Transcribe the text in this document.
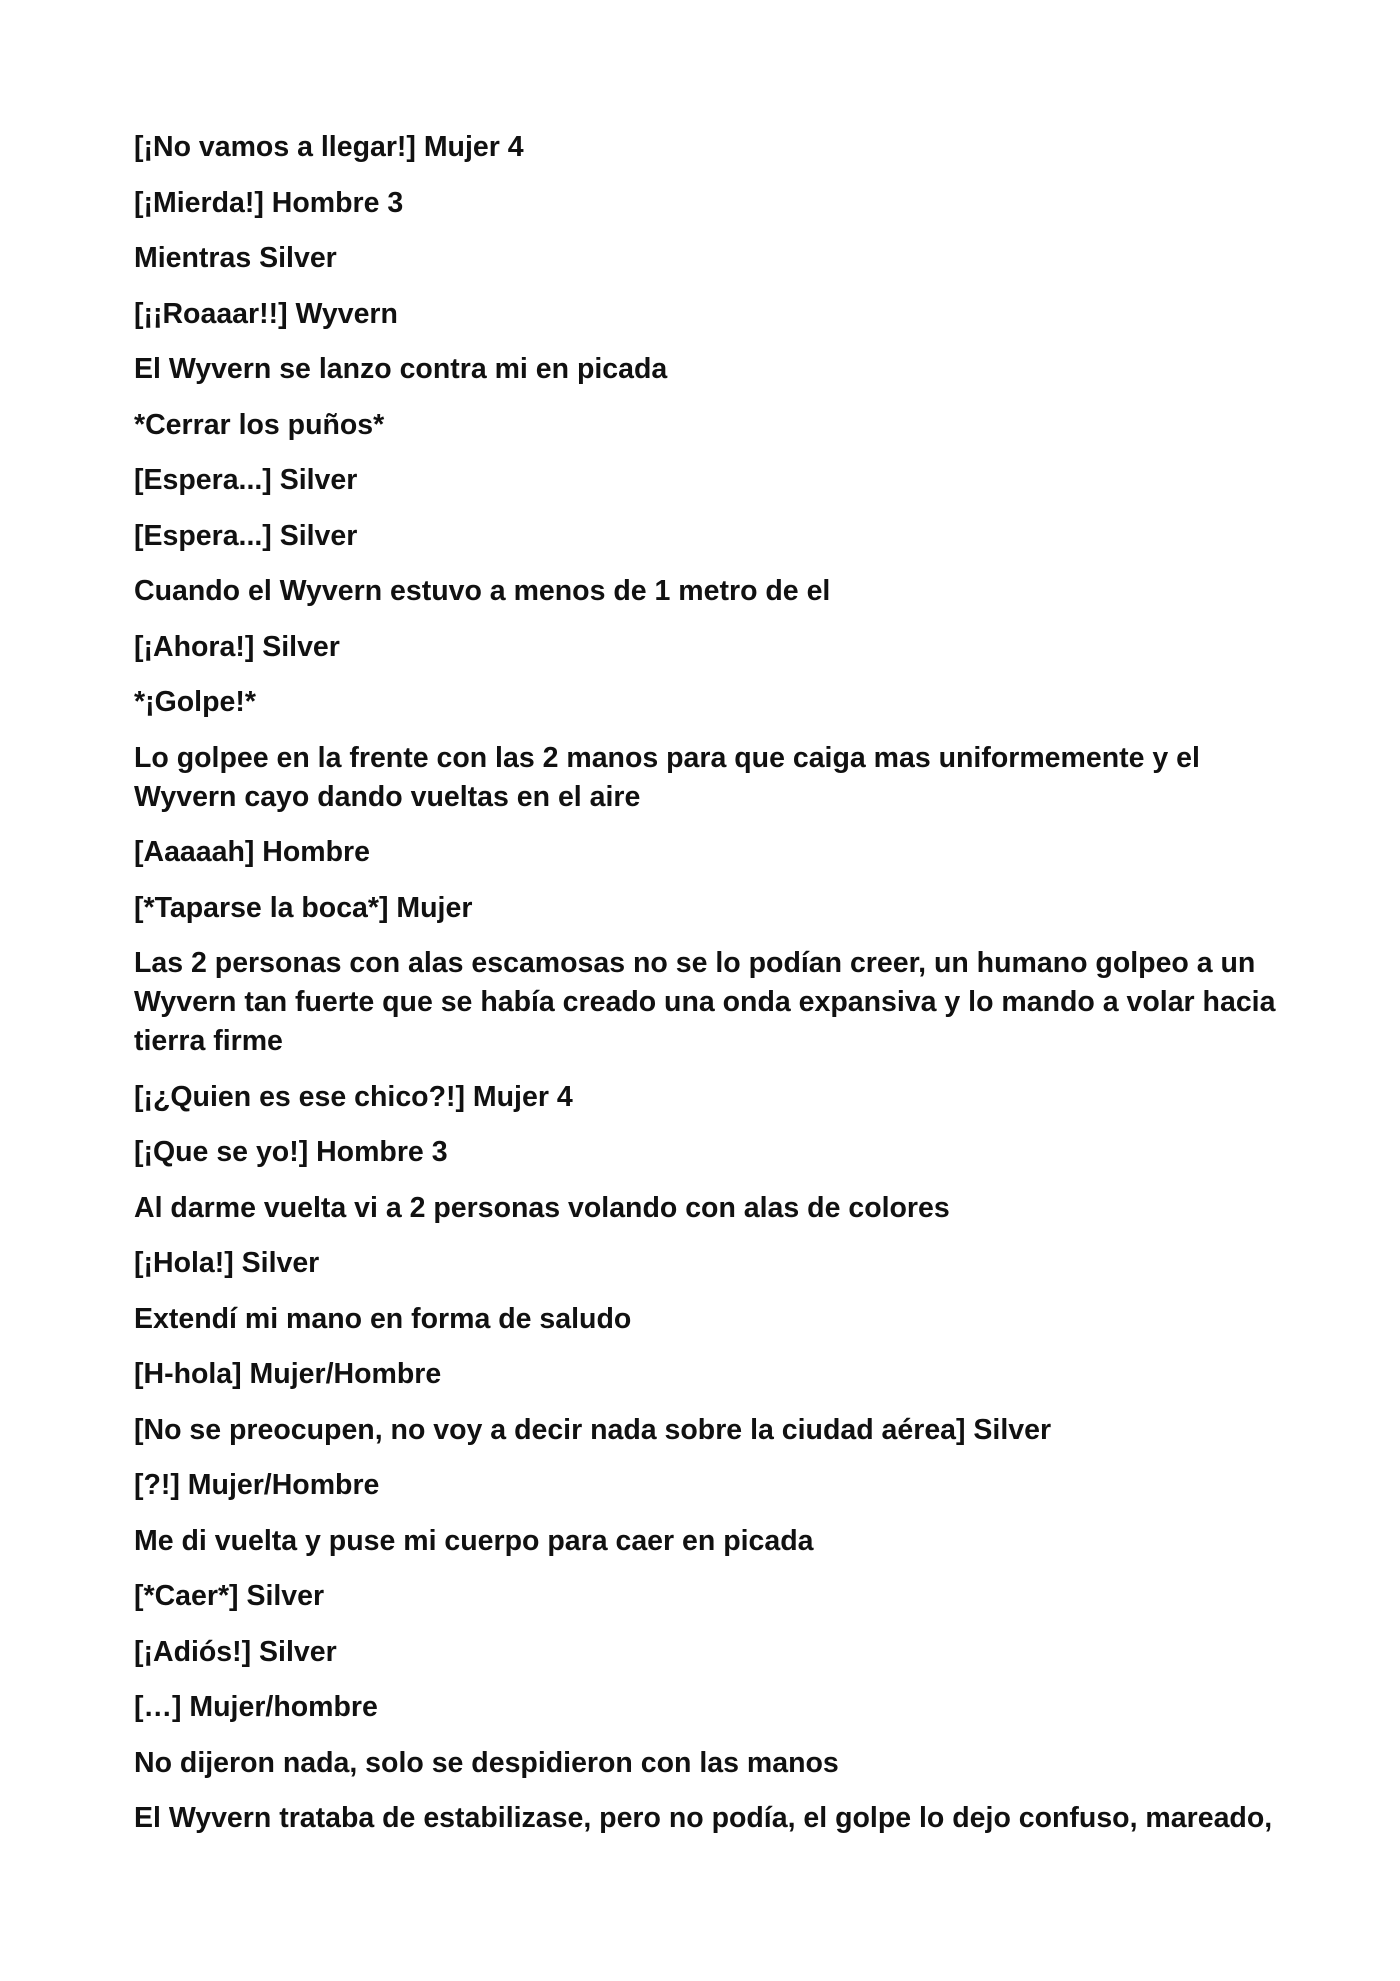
[¡No vamos a llegar!] Mujer 4

[¡Mierda!] Hombre 3

Mientras Silver

[¡¡Roaaar!!] Wyvern

El Wyvern se lanzo contra mi en picada

*Cerrar los puños*

[Espera...] Silver

[Espera...] Silver

Cuando el Wyvern estuvo a menos de 1 metro de el

[¡Ahora!] Silver

*¡Golpe!*

Lo golpee en la frente con las 2 manos para que caiga mas uniformemente y el Wyvern cayo dando vueltas en el aire

[Aaaaah] Hombre

[*Taparse la boca*] Mujer

Las 2 personas con alas escamosas no se lo podían creer, un humano golpeo a un Wyvern tan fuerte que se había creado una onda expansiva y lo mando a volar hacia tierra firme

[¡¿Quien es ese chico?!] Mujer 4

[¡Que se yo!] Hombre 3

Al darme vuelta vi a 2 personas volando con alas de colores

[¡Hola!] Silver

Extendí mi mano en forma de saludo

[H-hola] Mujer/Hombre

[No se preocupen, no voy a decir nada sobre la ciudad aérea] Silver

[?!] Mujer/Hombre

Me di vuelta y puse mi cuerpo para caer en picada

[*Caer*] Silver

[¡Adiós!] Silver

[…] Mujer/hombre

No dijeron nada, solo se despidieron con las manos

El Wyvern trataba de estabilizase, pero no podía, el golpe lo dejo confuso, mareado,
